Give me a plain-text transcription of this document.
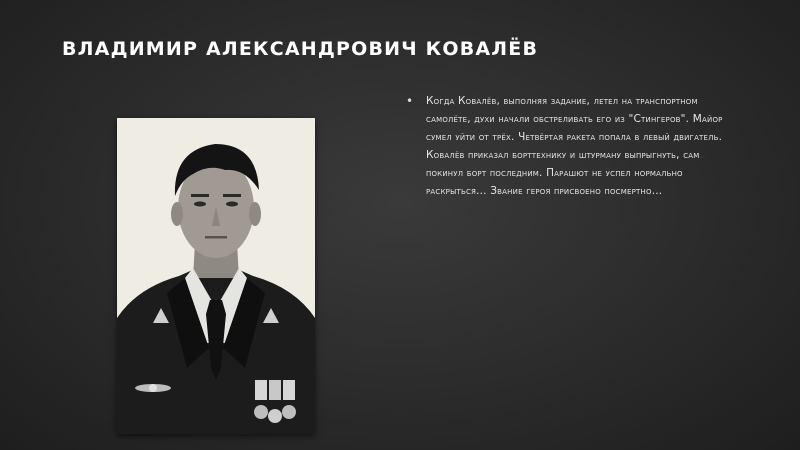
ВЛАДИМИР АЛЕКСАНДРОВИЧ КОВАЛЁВ

• Когда Ковалёв, выполняя задание, летел на транспортном самолёте, духи начали обстреливать его из "Стингеров". Майор сумел уйти от трёх. Четвёртая ракета попала в левый двигатель. Ковалёв приказал борттехнику и штурману выпрыгнуть, сам покинул борт последним. Парашют не успел нормально раскрыться... Звание героя присвоено посмертно...
